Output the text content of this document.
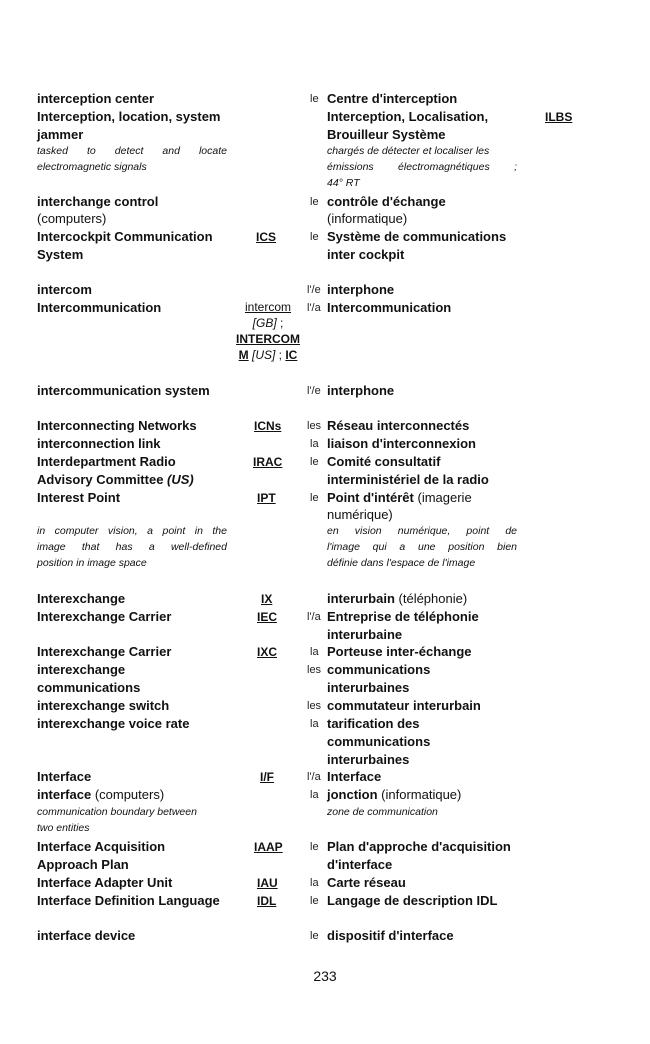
interception center
Interception, location, system
jammer
tasked to detect and locate
electromagnetic signals
interchange control
(computers)
Intercockpit Communication
System
intercom
Intercommunication
intercommunication system
Interconnecting Networks
interconnection link
Interdepartment Radio
Advisory Committee (US)
Interest Point
in computer vision, a point in the
image that has a well-defined
position in image space
Interexchange
Interexchange Carrier
Interexchange Carrier
interexchange
communications
interexchange switch
interexchange voice rate
Interface
interface (computers)
communication boundary between
two entities
Interface Acquisition
Approach Plan
Interface Adapter Unit
Interface Definition Language
interface device
ICS
intercom
[GB] ;
INTERCOM
M [US] ; IC
ICNs
IRAC
IPT
IX
IEC
IXC
I/F
IAAP
IAU
IDL
ILBS
le
le
le
l'/e
l'/a
l'/e
les
la
le
le
l'/a
la
les
les
la
l'/a
la
le
la
le
le
Centre d'interception
Interception, Localisation,
Brouilleur Système
chargés de détecter et localiser les
émissions électromagnétiques ;
44° RT
contrôle d'échange
(informatique)
Système de communications
inter cockpit
interphone
Intercommunication
interphone
Réseau interconnectés
liaison d'interconnexion
Comité consultatif
interministériel de la radio
Point d'intérêt (imagerie
numérique)
en vision numérique, point de
l'image qui a une position bien
définie dans l'espace de l'image
interurbain (téléphonie)
Entreprise de téléphonie
interurbaine
Porteuse inter-échange
communications
interurbaines
commutateur interurbain
tarification des
communications
interurbaines
Interface
jonction (informatique)
zone de communication
Plan d'approche d'acquisition
d'interface
Carte réseau
Langage de description IDL
dispositif d'interface
233
